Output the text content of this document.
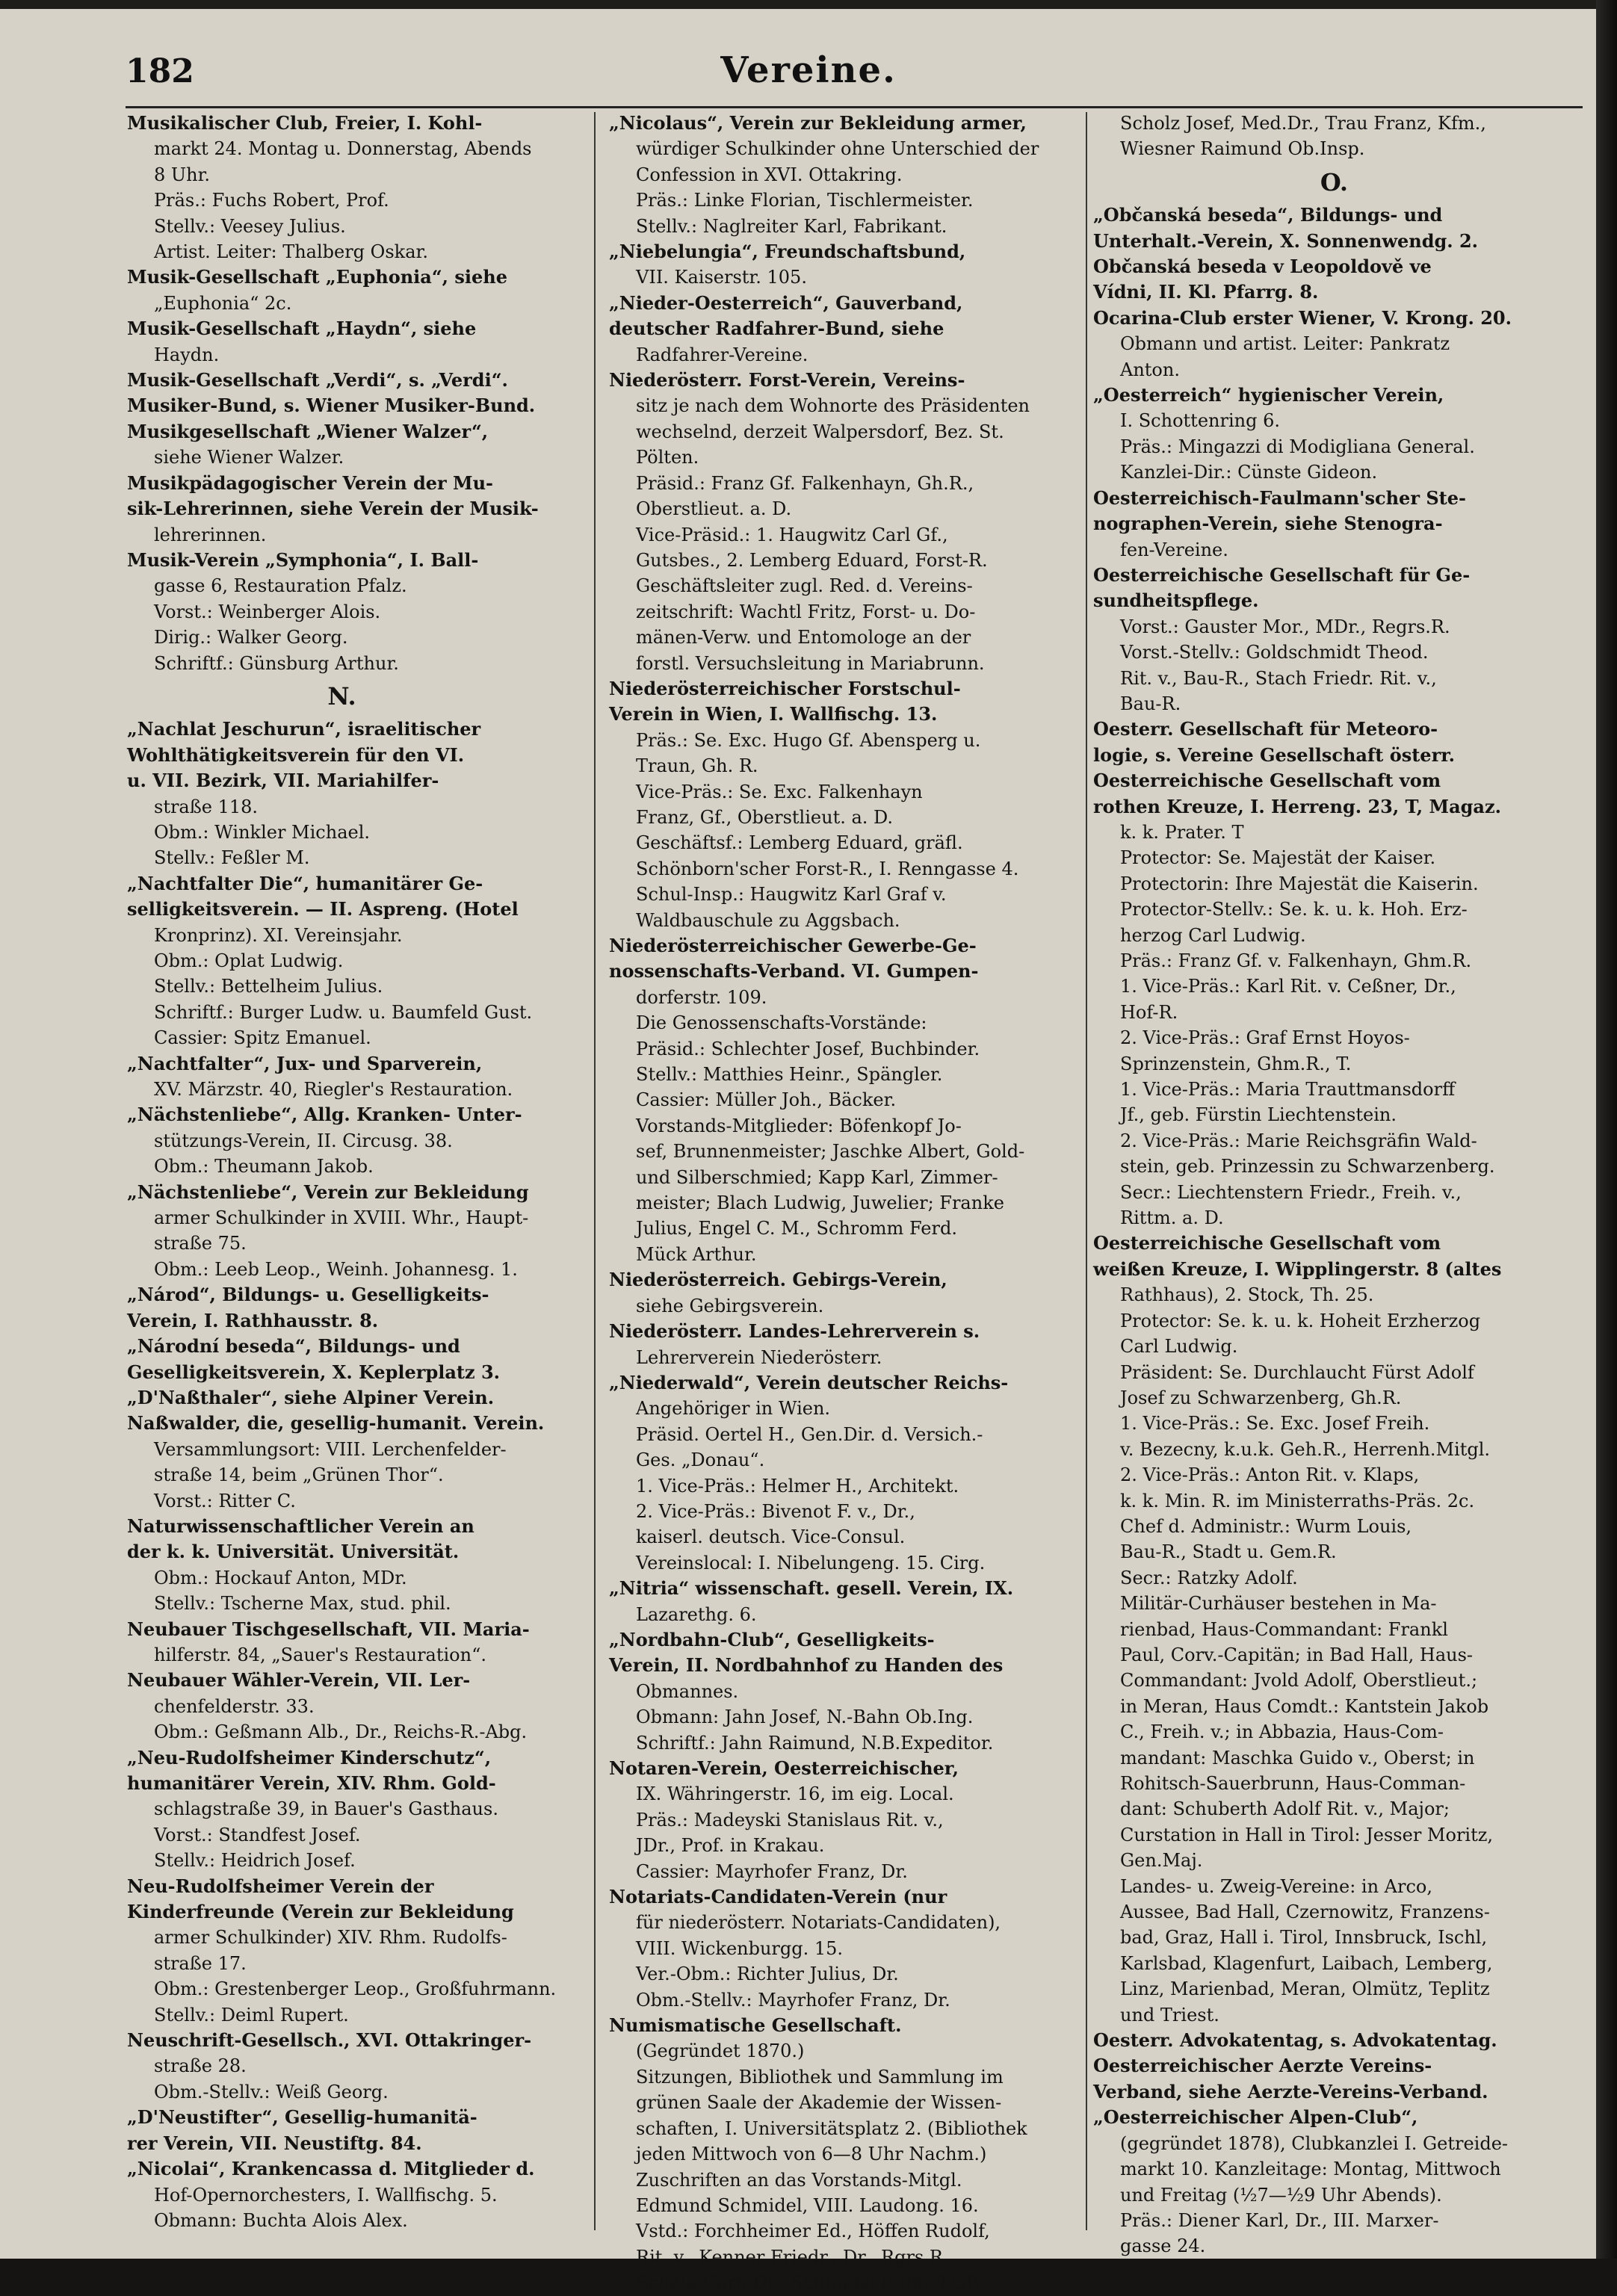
182	Vereine.
Musikalischer Club, Freier, I. Kohl-
markt 24. Montag u. Donnerstag, Abends
8 Uhr.
Präs.: Fuchs Robert, Prof.
Stellv.: Veesey Julius.
Artist. Leiter: Thalberg Oskar.
Musik-Gesellschaft „Euphonia“, siehe
„Euphonia“ 2c.
Musik-Gesellschaft „Haydn“, siehe
Haydn.
Musik-Gesellschaft „Verdi“, s. „Verdi“.
Musiker-Bund, s. Wiener Musiker-Bund.
Musikgesellschaft „Wiener Walzer“,
siehe Wiener Walzer.
Musikpädagogischer Verein der Mu-
sik-Lehrerinnen, siehe Verein der Musik-
lehrerinnen.
Musik-Verein „Symphonia“, I. Ball-
gasse 6, Restauration Pfalz.
Vorst.: Weinberger Alois.
Dirig.: Walker Georg.
Schriftf.: Günsburg Arthur.
N.
„Nachlat Jeschurun“, israelitischer
Wohlthätigkeitsverein für den VI.
u. VII. Bezirk, VII. Mariahilfer-
straße 118.
Obm.: Winkler Michael.
Stellv.: Feßler M.
„Nachtfalter Die“, humanitärer Ge-
selligkeitsverein. — II. Aspreng. (Hotel
Kronprinz). XI. Vereinsjahr.
Obm.: Oplat Ludwig.
Stellv.: Bettelheim Julius.
Schriftf.: Burger Ludw. u. Baumfeld Gust.
Cassier: Spitz Emanuel.
„Nachtfalter“, Jux- und Sparverein,
XV. Märzstr. 40, Riegler's Restauration.
„Nächstenliebe“, Allg. Kranken- Unter-
stützungs-Verein, II. Circusg. 38.
Obm.: Theumann Jakob.
„Nächstenliebe“, Verein zur Bekleidung
armer Schulkinder in XVIII. Whr., Haupt-
straße 75.
Obm.: Leeb Leop., Weinh. Johannesg. 1.
„Národ“, Bildungs- u. Geselligkeits-
Verein, I. Rathhausstr. 8.
„Národní beseda“, Bildungs- und
Geselligkeitsverein, X. Keplerplatz 3.
„D'Naßthaler“, siehe Alpiner Verein.
Naßwalder, die, gesellig-humanit. Verein.
Versammlungsort: VIII. Lerchenfelder-
straße 14, beim „Grünen Thor“.
Vorst.: Ritter C.
Naturwissenschaftlicher Verein an
der k. k. Universität. Universität.
Obm.: Hockauf Anton, MDr.
Stellv.: Tscherne Max, stud. phil.
Neubauer Tischgesellschaft, VII. Maria-
hilferstr. 84, „Sauer's Restauration“.
Neubauer Wähler-Verein, VII. Ler-
chenfelderstr. 33.
Obm.: Geßmann Alb., Dr., Reichs-R.-Abg.
„Neu-Rudolfsheimer Kinderschutz“,
humanitärer Verein, XIV. Rhm. Gold-
schlagstraße 39, in Bauer's Gasthaus.
Vorst.: Standfest Josef.
Stellv.: Heidrich Josef.
Neu-Rudolfsheimer Verein der
Kinderfreunde (Verein zur Bekleidung
armer Schulkinder) XIV. Rhm. Rudolfs-
straße 17.
Obm.: Grestenberger Leop., Großfuhrmann.
Stellv.: Deiml Rupert.
Neuschrift-Gesellsch., XVI. Ottakringer-
straße 28.
Obm.-Stellv.: Weiß Georg.
„D'Neustifter“, Gesellig-humanitä-
rer Verein, VII. Neustiftg. 84.
„Nicolai“, Krankencassa d. Mitglieder d.
Hof-Opernorchesters, I. Wallfischg. 5.
Obmann: Buchta Alois Alex.
„Nicolaus“, Verein zur Bekleidung armer,
würdiger Schulkinder ohne Unterschied der
Confession in XVI. Ottakring.
Präs.: Linke Florian, Tischlermeister.
Stellv.: Naglreiter Karl, Fabrikant.
„Niebelungia“, Freundschaftsbund,
VII. Kaiserstr. 105.
„Nieder-Oesterreich“, Gauverband,
deutscher Radfahrer-Bund, siehe
Radfahrer-Vereine.
Niederösterr. Forst-Verein, Vereins-
sitz je nach dem Wohnorte des Präsidenten
wechselnd, derzeit Walpersdorf, Bez. St.
Pölten.
Präsid.: Franz Gf. Falkenhayn, Gh.R.,
Oberstlieut. a. D.
Vice-Präsid.: 1. Haugwitz Carl Gf.,
Gutsbes., 2. Lemberg Eduard, Forst-R.
Geschäftsleiter zugl. Red. d. Vereins-
zeitschrift: Wachtl Fritz, Forst- u. Do-
mänen-Verw. und Entomologe an der
forstl. Versuchsleitung in Mariabrunn.
Niederösterreichischer Forstschul-
Verein in Wien, I. Wallfischg. 13.
Präs.: Se. Exc. Hugo Gf. Abensperg u.
Traun, Gh. R.
Vice-Präs.: Se. Exc. Falkenhayn
Franz, Gf., Oberstlieut. a. D.
Geschäftsf.: Lemberg Eduard, gräfl.
Schönborn'scher Forst-R., I. Renngasse 4.
Schul-Insp.: Haugwitz Karl Graf v.
Waldbauschule zu Aggsbach.
Niederösterreichischer Gewerbe-Ge-
nossenschafts-Verband. VI. Gumpen-
dorferstr. 109.
Die Genossenschafts-Vorstände:
Präsid.: Schlechter Josef, Buchbinder.
Stellv.: Matthies Heinr., Spängler.
Cassier: Müller Joh., Bäcker.
Vorstands-Mitglieder: Böfenkopf Jo-
sef, Brunnenmeister; Jaschke Albert, Gold-
und Silberschmied; Kapp Karl, Zimmer-
meister; Blach Ludwig, Juwelier; Franke
Julius, Engel C. M., Schromm Ferd.
Mück Arthur.
Niederösterreich. Gebirgs-Verein,
siehe Gebirgsverein.
Niederösterr. Landes-Lehrerverein s.
Lehrerverein Niederösterr.
„Niederwald“, Verein deutscher Reichs-
Angehöriger in Wien.
Präsid. Oertel H., Gen.Dir. d. Versich.-
Ges. „Donau“.
1. Vice-Präs.: Helmer H., Architekt.
2. Vice-Präs.: Bivenot F. v., Dr.,
kaiserl. deutsch. Vice-Consul.
Vereinslocal: I. Nibelungeng. 15. Cirg.
„Nitria“ wissenschaft. gesell. Verein, IX.
Lazarethg. 6.
„Nordbahn-Club“, Geselligkeits-
Verein, II. Nordbahnhof zu Handen des
Obmannes.
Obmann: Jahn Josef, N.-Bahn Ob.Ing.
Schriftf.: Jahn Raimund, N.B.Expeditor.
Notaren-Verein, Oesterreichischer,
IX. Währingerstr. 16, im eig. Local.
Präs.: Madeyski Stanislaus Rit. v.,
JDr., Prof. in Krakau.
Cassier: Mayrhofer Franz, Dr.
Notariats-Candidaten-Verein (nur
für niederösterr. Notariats-Candidaten),
VIII. Wickenburgg. 15.
Ver.-Obm.: Richter Julius, Dr.
Obm.-Stellv.: Mayrhofer Franz, Dr.
Numismatische Gesellschaft.
(Gegründet 1870.)
Sitzungen, Bibliothek und Sammlung im
grünen Saale der Akademie der Wissen-
schaften, I. Universitätsplatz 2. (Bibliothek
jeden Mittwoch von 6—8 Uhr Nachm.)
Zuschriften an das Vorstands-Mitgl.
Edmund Schmidel, VIII. Laudong. 16.
Vstd.: Forchheimer Ed., Höffen Rudolf,
Rit. v., Kenner Friedr., Dr., Rgrs.R.,
Schalk Carl, Dr., Schmidel Edm., LGR.,
Scholz Josef, Med.Dr., Trau Franz, Kfm.,
Wiesner Raimund Ob.Insp.
O.
„Občanská beseda“, Bildungs- und
Unterhalt.-Verein, X. Sonnenwendg. 2.
Občanská beseda v Leopoldově ve
Vídni, II. Kl. Pfarrg. 8.
Ocarina-Club erster Wiener, V. Krong. 20.
Obmann und artist. Leiter: Pankratz
Anton.
„Oesterreich“ hygienischer Verein,
I. Schottenring 6.
Präs.: Mingazzi di Modigliana General.
Kanzlei-Dir.: Cünste Gideon.
Oesterreichisch-Faulmann'scher Ste-
nographen-Verein, siehe Stenogra-
fen-Vereine.
Oesterreichische Gesellschaft für Ge-
sundheitspflege.
Vorst.: Gauster Mor., MDr., Regrs.R.
Vorst.-Stellv.: Goldschmidt Theod.
Rit. v., Bau-R., Stach Friedr. Rit. v.,
Bau-R.
Oesterr. Gesellschaft für Meteoro-
logie, s. Vereine Gesellschaft österr.
Oesterreichische Gesellschaft vom
rothen Kreuze, I. Herreng. 23, T, Magaz.
k. k. Prater. T
Protector: Se. Majestät der Kaiser.
Protectorin: Ihre Majestät die Kaiserin.
Protector-Stellv.: Se. k. u. k. Hoh. Erz-
herzog Carl Ludwig.
Präs.: Franz Gf. v. Falkenhayn, Ghm.R.
1. Vice-Präs.: Karl Rit. v. Ceßner, Dr.,
Hof-R.
2. Vice-Präs.: Graf Ernst Hoyos-
Sprinzenstein, Ghm.R., T.
1. Vice-Präs.: Maria Trauttmansdorff
Jf., geb. Fürstin Liechtenstein.
2. Vice-Präs.: Marie Reichsgräfin Wald-
stein, geb. Prinzessin zu Schwarzenberg.
Secr.: Liechtenstern Friedr., Freih. v.,
Rittm. a. D.
Oesterreichische Gesellschaft vom
weißen Kreuze, I. Wipplingerstr. 8 (altes
Rathhaus), 2. Stock, Th. 25.
Protector: Se. k. u. k. Hoheit Erzherzog
Carl Ludwig.
Präsident: Se. Durchlaucht Fürst Adolf
Josef zu Schwarzenberg, Gh.R.
1. Vice-Präs.: Se. Exc. Josef Freih.
v. Bezecny, k.u.k. Geh.R., Herrenh.Mitgl.
2. Vice-Präs.: Anton Rit. v. Klaps,
k. k. Min. R. im Ministerraths-Präs. 2c.
Chef d. Administr.: Wurm Louis,
Bau-R., Stadt u. Gem.R.
Secr.: Ratzky Adolf.
Militär-Curhäuser bestehen in Ma-
rienbad, Haus-Commandant: Frankl
Paul, Corv.-Capitän; in Bad Hall, Haus-
Commandant: Jvold Adolf, Oberstlieut.;
in Meran, Haus Comdt.: Kantstein Jakob
C., Freih. v.; in Abbazia, Haus-Com-
mandant: Maschka Guido v., Oberst; in
Rohitsch-Sauerbrunn, Haus-Comman-
dant: Schuberth Adolf Rit. v., Major;
Curstation in Hall in Tirol: Jesser Moritz,
Gen.Maj.
Landes- u. Zweig-Vereine: in Arco,
Aussee, Bad Hall, Czernowitz, Franzens-
bad, Graz, Hall i. Tirol, Innsbruck, Ischl,
Karlsbad, Klagenfurt, Laibach, Lemberg,
Linz, Marienbad, Meran, Olmütz, Teplitz
und Triest.
Oesterr. Advokatentag, s. Advokatentag.
Oesterreichischer Aerzte Vereins-
Verband, siehe Aerzte-Vereins-Verband.
„Oesterreichischer Alpen-Club“,
(gegründet 1878), Clubkanzlei I. Getreide-
markt 10. Kanzleitage: Montag, Mittwoch
und Freitag (½7—½9 Uhr Abends).
Präs.: Diener Karl, Dr., III. Marxer-
gasse 24.
